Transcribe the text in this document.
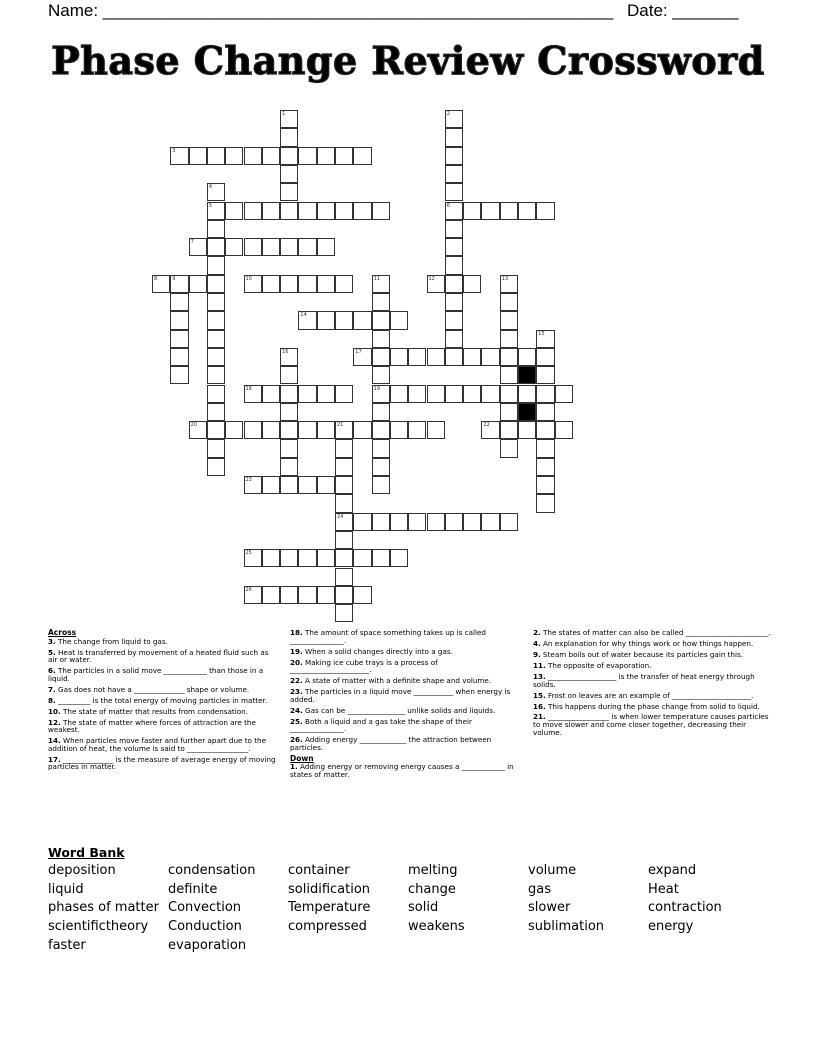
Name: ______________________________________________________ Date: _______
Phase Change Review Crossword
1	2
6
3
4
5
7
8	9	10	11
19
12	13
14
15
16	17
18
20	21
24
22
23
25
26
Across
3. The change from liquid to gas.
5. Heat is transferred by movement of a heated fluid such as air or water.
6. The particles in a solid move ____________ than those in a liquid.
7. Gas does not have a ______________ shape or volume.
8. _________ is the total energy of moving particles in matter.
10. The state of matter that results from condensation.
12. The state of matter where forces of attraction are the weakest.
14. When particles move faster and further apart due to the addition of heat, the volume is said to _________________.
17. ______________ is the measure of average energy of moving particles in matter.
18. The amount of space something takes up is called _______________.
19. When a solid changes directly into a gas.
20. Making ice cube trays is a process of ______________________.
22. A state of matter with a definite shape and volume.
23. The particles in a liquid move ___________ when energy is added.
24. Gas can be ________________ unlike solids and liquids.
25. Both a liquid and a gas take the shape of their _______________.
26. Adding energy _____________ the attraction between particles.
Down
1. Adding energy or removing energy causes a ____________ in states of matter.
2. The states of matter can also be called _______________________.
4. An explanation for why things work or how things happen.
9. Steam boils out of water because its particles gain this.
11. The opposite of evaporation.
13. ___________________ is the transfer of heat energy through solids.
15. Frost on leaves are an example of ______________________.
16. This happens during the phase change from solid to liquid.
21. _________________ is when lower temperature causes particles to move slower and come closer together, decreasing their volume.
Word Bank
deposition
liquid
phases of matter
scientifictheory
faster
condensation
definite
Convection
Conduction
evaporation
container
solidification
Temperature
compressed
melting
change
solid
weakens
volume
gas
slower
sublimation
expand
Heat
contraction
energy
